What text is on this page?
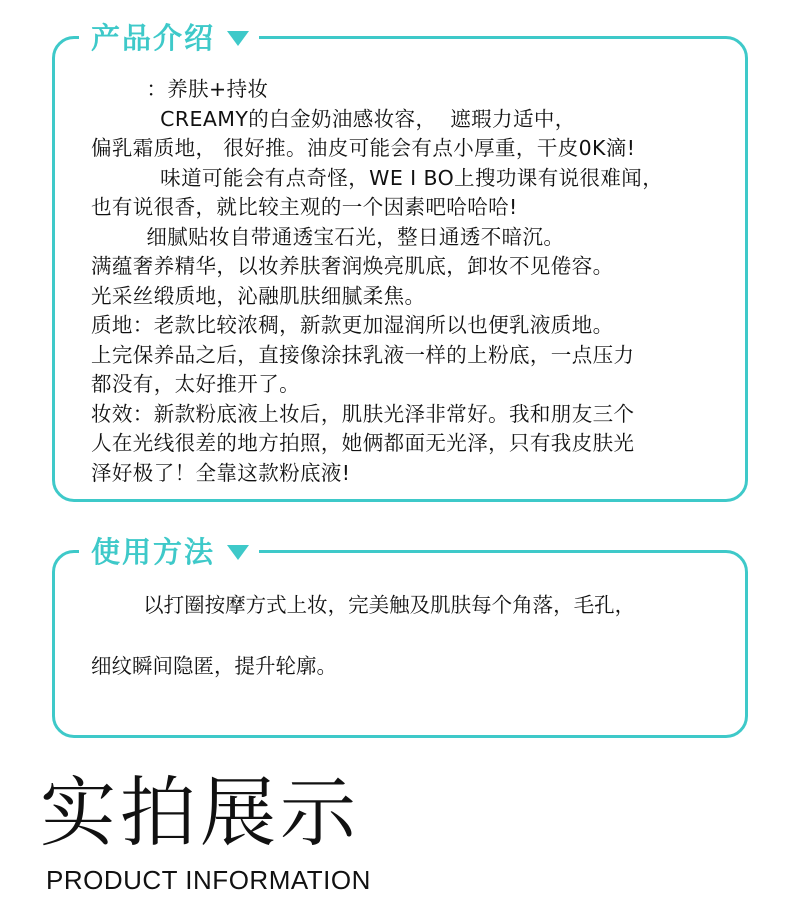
产品介绍

：养肤+持妆

CREAMY的白金奶油感妆容，  遮瑕力适中，

偏乳霜质地， 很好推。油皮可能会有点小厚重，干皮0K滴!

味道可能会有点奇怪，WE I BO上搜功课有说很难闻，

也有说很香，就比较主观的一个因素吧哈哈哈!

细腻贴妆自带通透宝石光，整日通透不暗沉。

满蕴奢养精华，以妆养肤奢润焕亮肌底，卸妆不见倦容。

光采丝缎质地，沁融肌肤细腻柔焦。

质地：老款比较浓稠，新款更加湿润所以也便乳液质地。

上完保养品之后，直接像涂抹乳液一样的上粉底，一点压力

都没有，太好推开了。

妆效：新款粉底液上妆后，肌肤光泽非常好。我和朋友三个

人在光线很差的地方拍照，她俩都面无光泽，只有我皮肤光

泽好极了！全靠这款粉底液!

使用方法

以打圈按摩方式上妆，完美触及肌肤每个角落，毛孔，

细纹瞬间隐匿，提升轮廓。

实拍展示
PRODUCT INFORMATION
